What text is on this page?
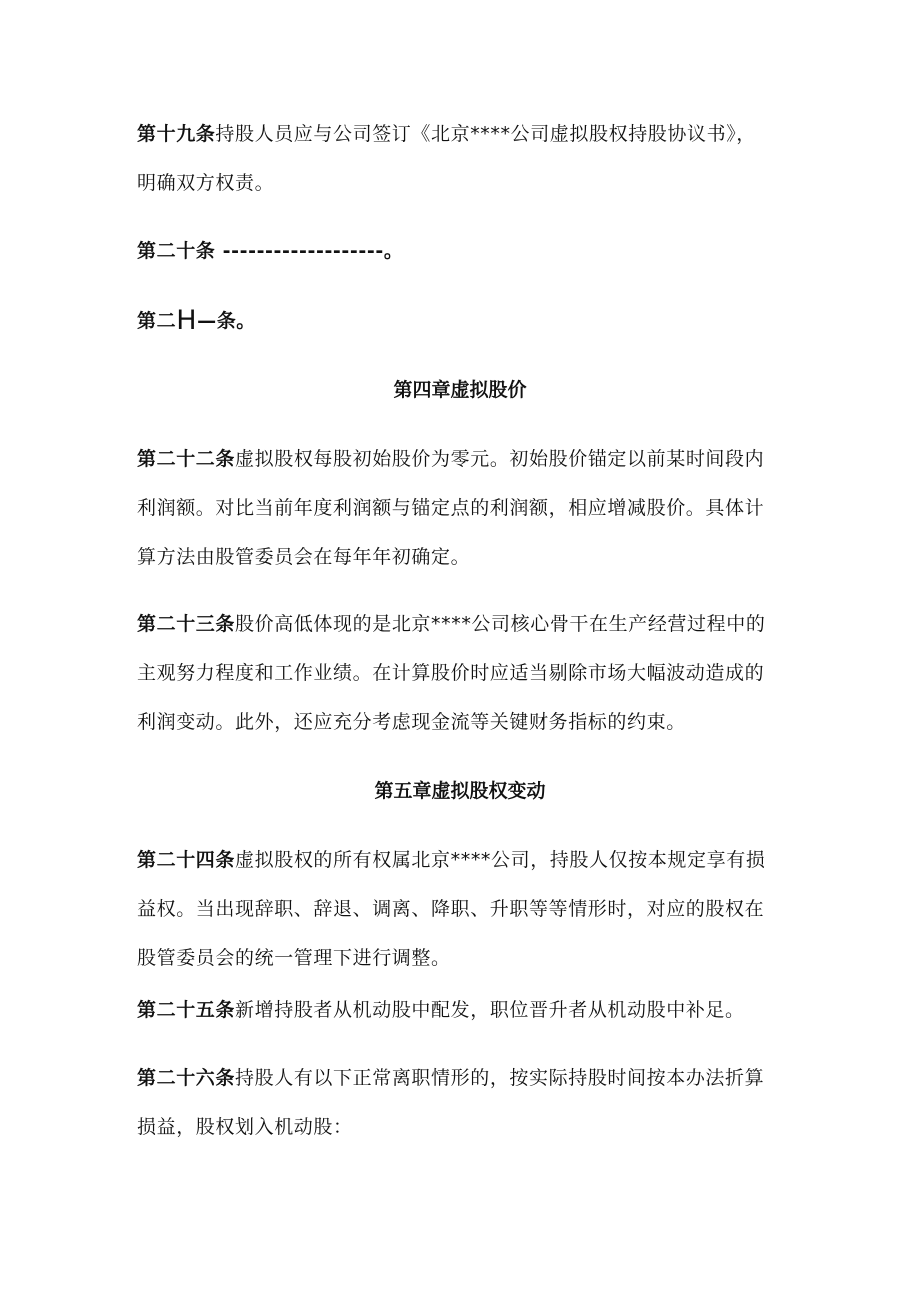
第十九条持股人员应与公司签订《北京****公司虚拟股权持股协议书》，
明确双方权责。
第二十条 -------------------。
第二H—条。
第四章虚拟股价
第二十二条虚拟股权每股初始股价为零元。初始股价锚定以前某时间段内
利润额。对比当前年度利润额与锚定点的利润额，相应增减股价。具体计
算方法由股管委员会在每年年初确定。
第二十三条股价高低体现的是北京****公司核心骨干在生产经营过程中的
主观努力程度和工作业绩。在计算股价时应适当剔除市场大幅波动造成的
利润变动。此外，还应充分考虑现金流等关键财务指标的约束。
第五章虚拟股权变动
第二十四条虚拟股权的所有权属北京****公司，持股人仅按本规定享有损
益权。当出现辞职、辞退、调离、降职、升职等等情形时，对应的股权在
股管委员会的统一管理下进行调整。
第二十五条新增持股者从机动股中配发，职位晋升者从机动股中补足。
第二十六条持股人有以下正常离职情形的，按实际持股时间按本办法折算
损益，股权划入机动股：
